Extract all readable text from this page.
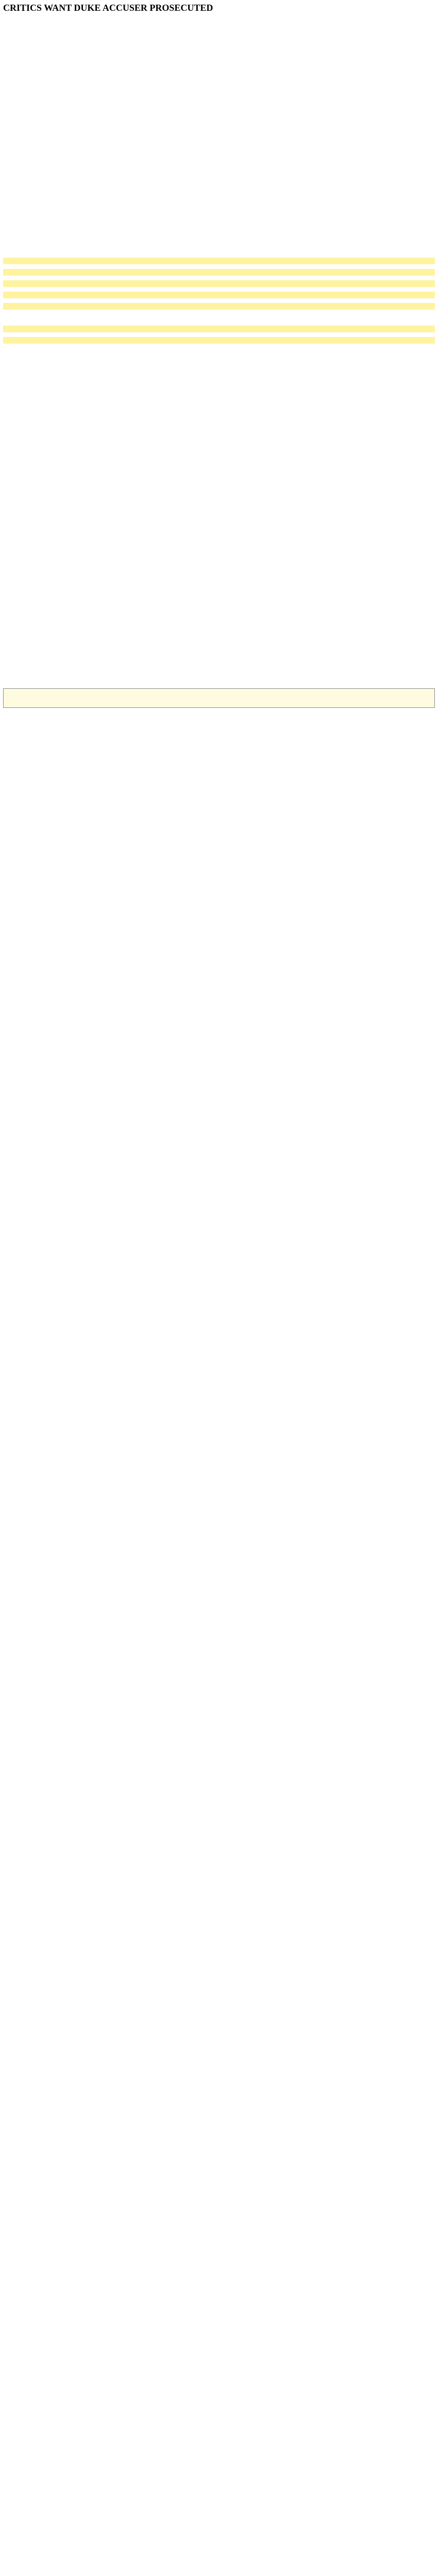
CRITICS WANT DUKE ACCUSER PROSECUTED
